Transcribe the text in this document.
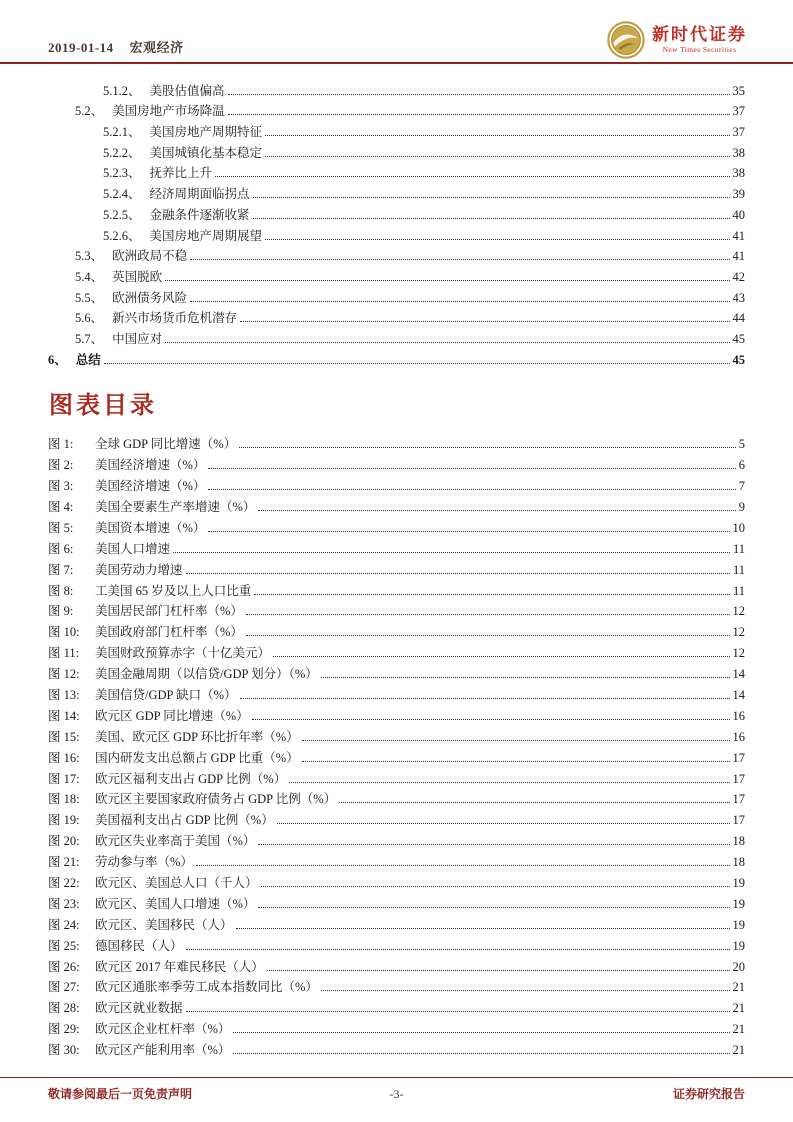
2019-01-14 宏观经济
新时代证券
New Times Securities
5.1.2、 美股估值偏高	35
5.2、 美国房地产市场降温	37
5.2.1、 美国房地产周期特征	37
5.2.2、 美国城镇化基本稳定	38
5.2.3、 抚养比上升	38
5.2.4、 经济周期面临拐点	39
5.2.5、 金融条件逐渐收紧	40
5.2.6、 美国房地产周期展望	41
5.3、 欧洲政局不稳	41
5.4、 英国脱欧	42
5.5、 欧洲债务风险	43
5.6、 新兴市场货币危机潜存	44
5.7、 中国应对	45
6、 总结	45
图表目录
图 1:	全球 GDP 同比增速（%）	5
图 2:	美国经济增速（%）	6
图 3:	美国经济增速（%）	7
图 4:	美国全要素生产率增速（%）	9
图 5:	美国资本增速（%）	10
图 6:	美国人口增速	11
图 7:	美国劳动力增速	11
图 8:	工美国 65 岁及以上人口比重	11
图 9:	美国居民部门杠杆率（%）	12
图 10:	美国政府部门杠杆率（%）	12
图 11:	美国财政预算赤字（十亿美元）	12
图 12:	美国金融周期（以信贷/GDP 划分）（%）	14
图 13:	美国信贷/GDP 缺口（%）	14
图 14:	欧元区 GDP 同比增速（%）	16
图 15:	美国、欧元区 GDP 环比折年率（%）	16
图 16:	国内研发支出总额占 GDP 比重（%）	17
图 17:	欧元区福利支出占 GDP 比例（%）	17
图 18:	欧元区主要国家政府债务占 GDP 比例（%）	17
图 19:	美国福利支出占 GDP 比例（%）	17
图 20:	欧元区失业率高于美国（%）	18
图 21:	劳动参与率（%）	18
图 22:	欧元区、美国总人口（千人）	19
图 23:	欧元区、美国人口增速（%）	19
图 24:	欧元区、美国移民（人）	19
图 25:	德国移民（人）	19
图 26:	欧元区 2017 年难民移民（人）	20
图 27:	欧元区通胀率季劳工成本指数同比（%）	21
图 28:	欧元区就业数据	21
图 29:	欧元区企业杠杆率（%）	21
图 30:	欧元区产能利用率（%）	21
敬请参阅最后一页免责声明	-3-	证券研究报告
